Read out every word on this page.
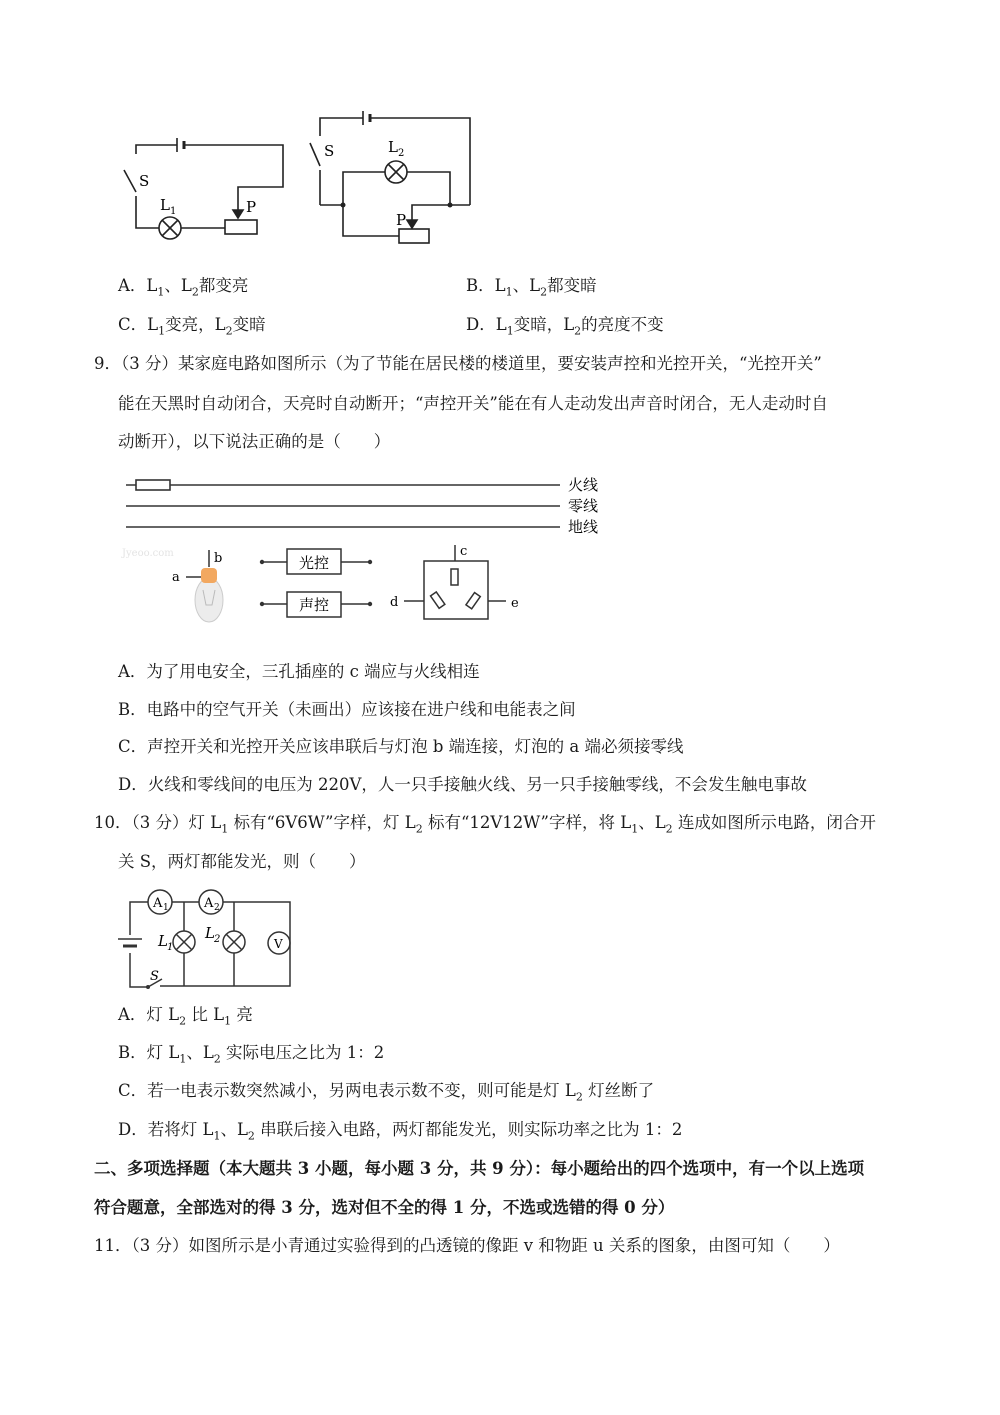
S
L 1	P
S	L 2
P
A．$L_1$、$L_2$都变亮	B．$L_1$、$L_2$都变暗
C．$L_1$变亮，$L_2$变暗	D．$L_1$变暗，$L_2$的亮度不变
9．（3 分）某家庭电路如图所示（为了节能在居民楼的楼道里，要安装声控和光控开关，“光控开关”
能在天黑时自动闭合，天亮时自动断开；“声控开关”能在有人走动发出声音时闭合，无人走动时自
动断开），以下说法正确的是（　　）
火线
零线
地线
Jyeoo.com	b
a
光控
声控
c
d	e
A．为了用电安全，三孔插座的 c 端应与火线相连
B．电路中的空气开关（未画出）应该接在进户线和电能表之间
C．声控开关和光控开关应该串联后与灯泡 b 端连接，灯泡的 a 端必须接零线
D．火线和零线间的电压为 220V，人一只手接触火线、另一只手接触零线，不会发生触电事故
10．（3 分）灯 $L_1$ 标有“6V6W”字样，灯 $L_2$ 标有“12V12W”字样，将 $L_1$、$L_2$ 连成如图所示电路，闭合开
关 S，两灯都能发光，则（　　）
A 1	A 2
L 1
L 2	V
S
A．灯 $L_2$ 比 $L_1$ 亮
B．灯 $L_1$、$L_2$ 实际电压之比为 1：2
C．若一电表示数突然减小，另两电表示数不变，则可能是灯 $L_2$ 灯丝断了
D．若将灯 $L_1$、$L_2$ 串联后接入电路，两灯都能发光，则实际功率之比为 1：2
二、多项选择题（本大题共 3 小题，每小题 3 分，共 9 分）：每小题给出的四个选项中，有一个以上选项
符合题意，全部选对的得 3 分，选对但不全的得 1 分，不选或选错的得 0 分）
11．（3 分）如图所示是小青通过实验得到的凸透镜的像距 v 和物距 u 关系的图象，由图可知（　　）
